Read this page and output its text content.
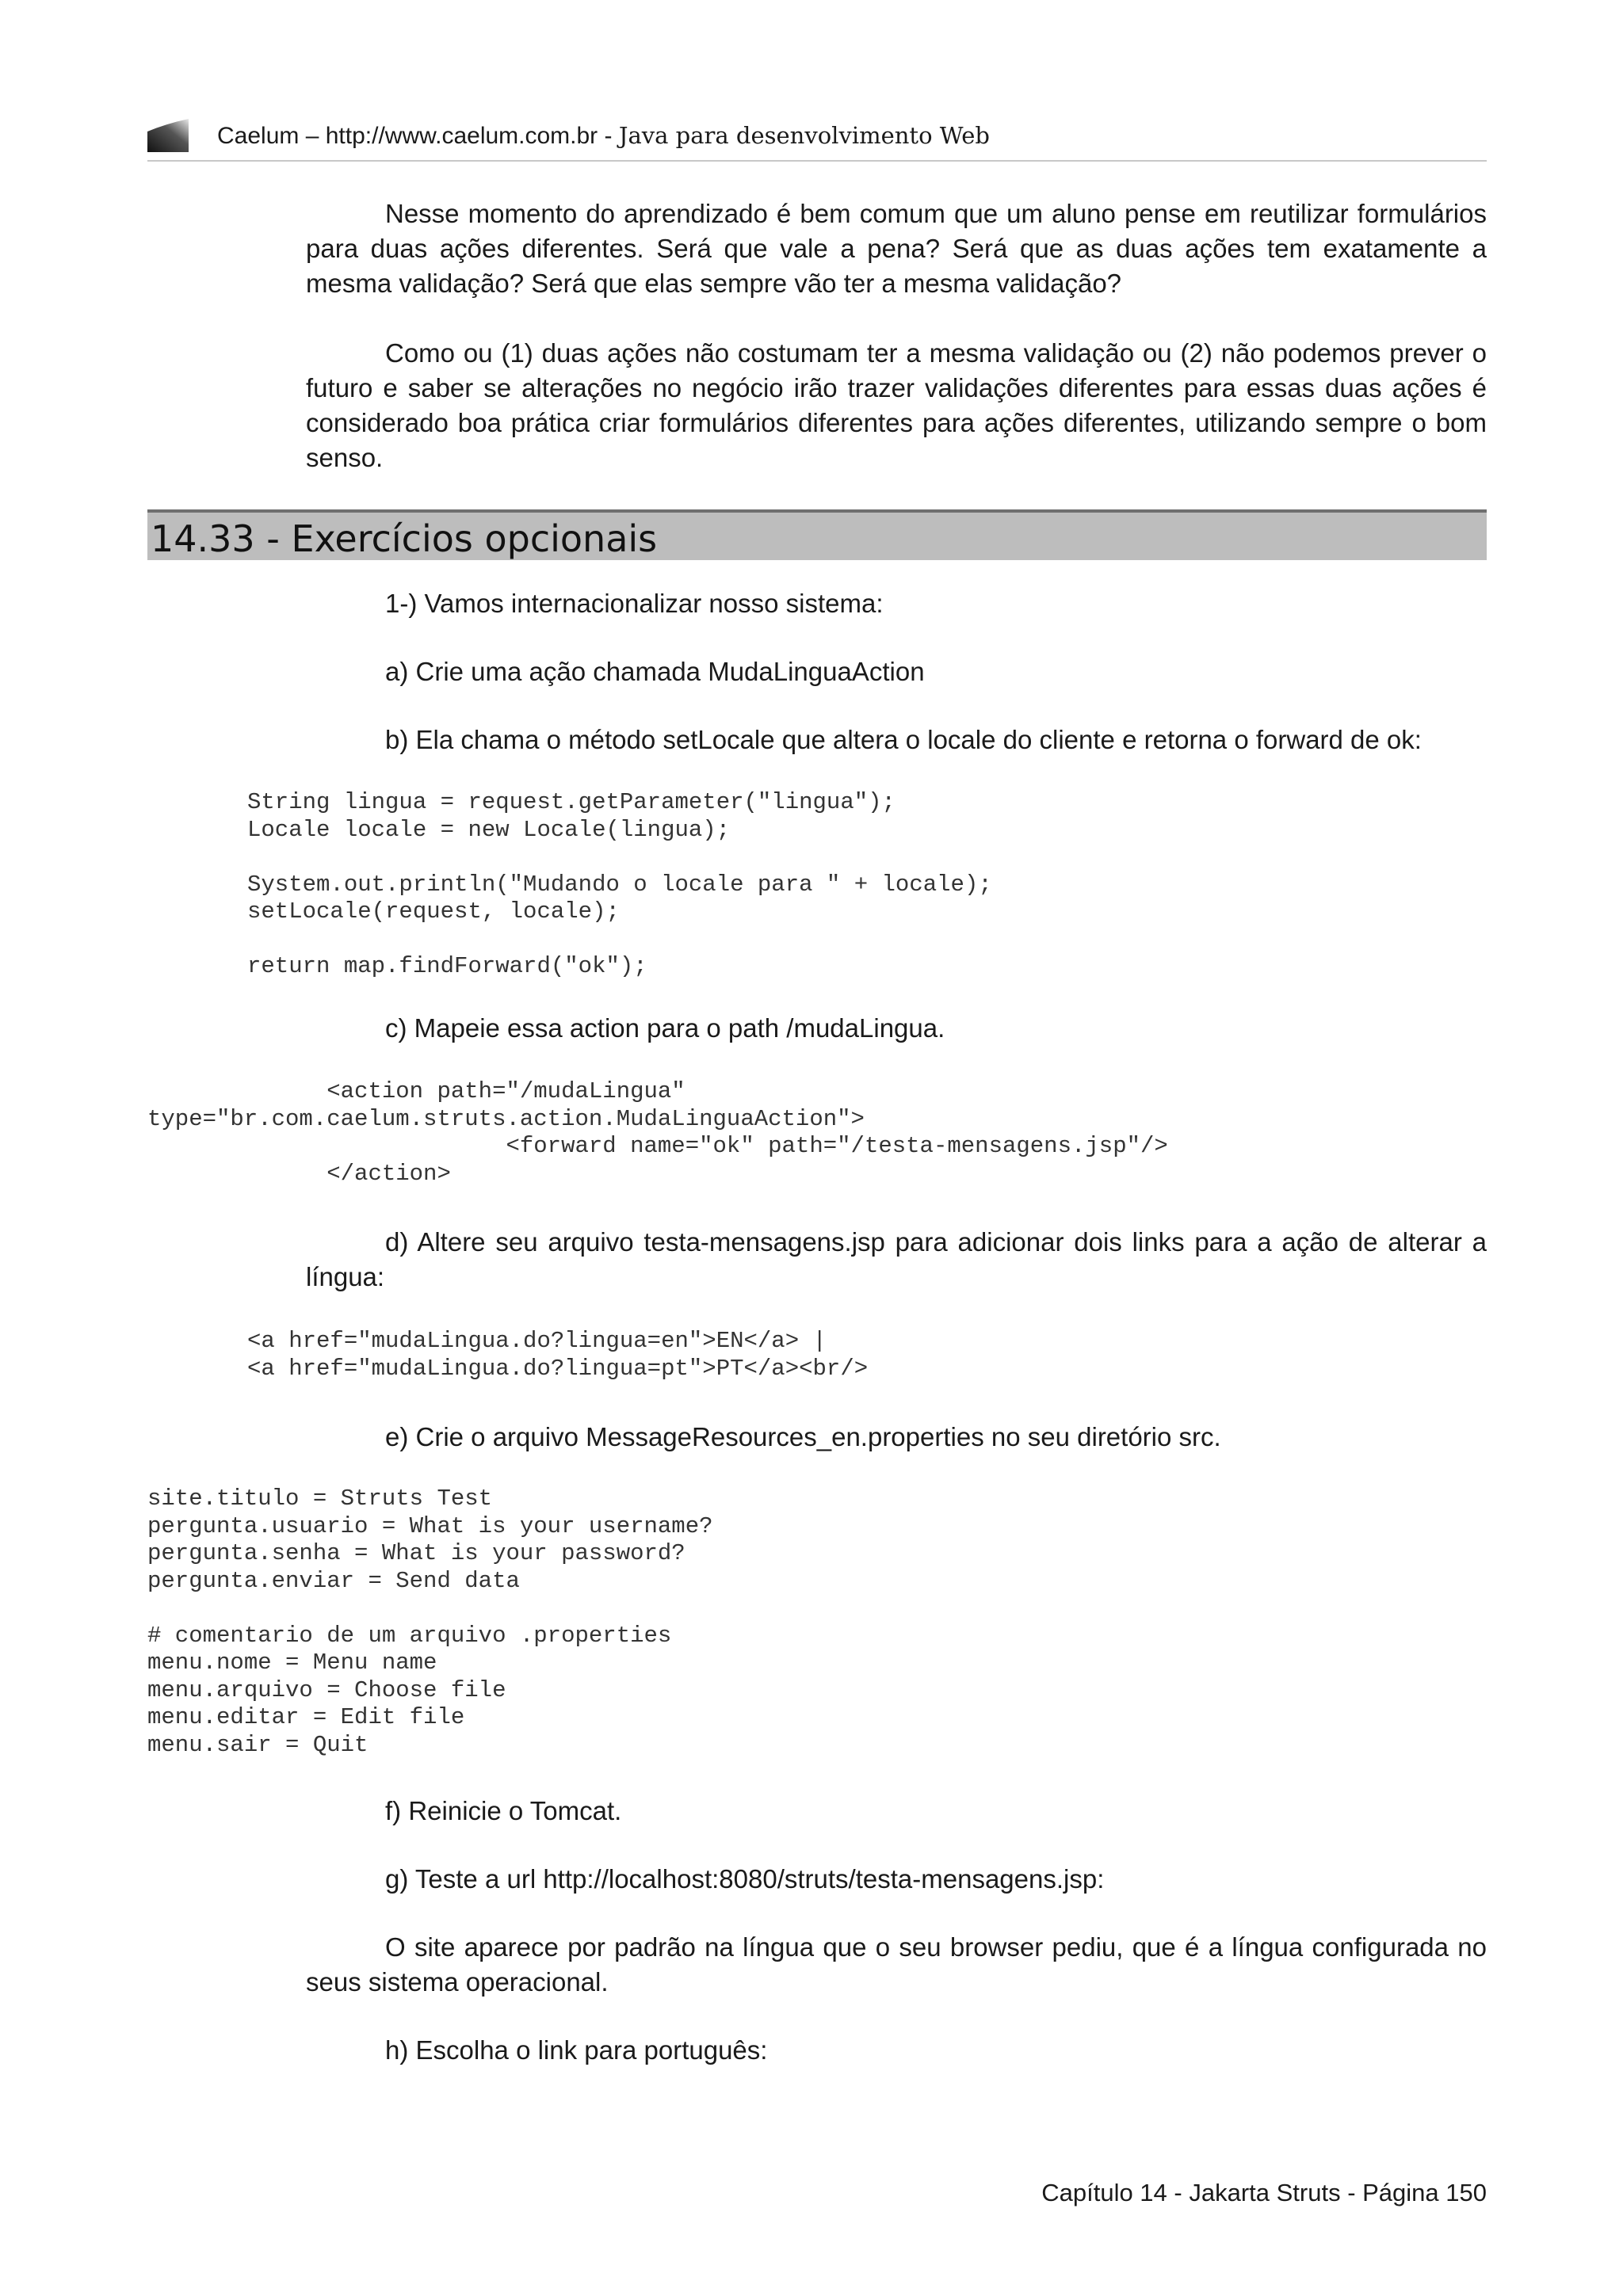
Caelum – http://www.caelum.com.br - Java para desenvolvimento Web

Nesse momento do aprendizado é bem comum que um aluno pense em reutilizar formulários para duas ações diferentes. Será que vale a pena? Será que as duas ações tem exatamente a mesma validação? Será que elas sempre vão ter a mesma validação?

Como ou (1) duas ações não costumam ter a mesma validação ou (2) não podemos prever o futuro e saber se alterações no negócio irão trazer validações diferentes para essas duas ações é considerado boa prática criar formulários diferentes para ações diferentes, utilizando sempre o bom senso.

14.33 - Exercícios opcionais

1-) Vamos internacionalizar nosso sistema:

a) Crie uma ação chamada MudaLinguaAction

b) Ela chama o método setLocale que altera o locale do cliente e retorna o forward de ok:

String lingua = request.getParameter("lingua");
Locale locale = new Locale(lingua);

System.out.println("Mudando o locale para " + locale);
setLocale(request, locale);

return map.findForward("ok");

c) Mapeie essa action para o path /mudaLingua.

<action path="/mudaLingua"
type="br.com.caelum.struts.action.MudaLinguaAction">
<forward name="ok" path="/testa-mensagens.jsp"/>
</action>

d) Altere seu arquivo testa-mensagens.jsp para adicionar dois links para a ação de alterar a língua:

<a href="mudaLingua.do?lingua=en">EN</a> |
<a href="mudaLingua.do?lingua=pt">PT</a><br/>

e) Crie o arquivo MessageResources_en.properties no seu diretório src.

site.titulo = Struts Test
pergunta.usuario = What is your username?
pergunta.senha = What is your password?
pergunta.enviar = Send data

# comentario de um arquivo .properties
menu.nome = Menu name
menu.arquivo = Choose file
menu.editar = Edit file
menu.sair = Quit

f) Reinicie o Tomcat.

g) Teste a url http://localhost:8080/struts/testa-mensagens.jsp:

O site aparece por padrão na língua que o seu browser pediu, que é a língua configurada no seus sistema operacional.

h) Escolha o link para português:

Capítulo 14 - Jakarta Struts - Página 150
